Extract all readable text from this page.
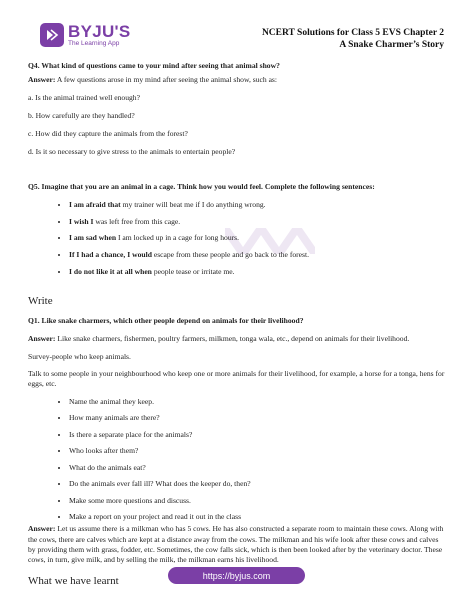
BYJU'S
The Learning App
NCERT Solutions for Class 5 EVS Chapter 2
A Snake Charmer’s Story
Q4. What kind of questions came to your mind after seeing that animal show?

Answer: A few questions arose in my mind after seeing the animal show, such as:

a. Is the animal trained well enough?
b. How carefully are they handled?
c. How did they capture the animals from the forest?
d. Is it so necessary to give stress to the animals to entertain people?
Q5. Imagine that you are an animal in a cage. Think how you would feel. Complete the following sentences:
• I am afraid that my trainer will beat me if I do anything wrong.
• I wish I was left free from this cage.
• I am sad when I am locked up in a cage for long hours.
• If I had a chance, I would escape from these people and go back to the forest.
• I do not like it at all when people tease or irritate me.
Write
Q1. Like snake charmers, which other people depend on animals for their livelihood?

Answer: Like snake charmers, fishermen, poultry farmers, milkmen, tonga wala, etc., depend on animals for their livelihood.

Survey-people who keep animals.

Talk to some people in your neighbourhood who keep one or more animals for their livelihood, for example, a horse for a tonga, hens for eggs, etc.

• Name the animal they keep.
• How many animals are there?
• Is there a separate place for the animals?
• Who looks after them?
• What do the animals eat?
• Do the animals ever fall ill? What does the keeper do, then?
• Make some more questions and discuss.
• Make a report on your project and read it out in the class

Answer: Let us assume there is a milkman who has 5 cows. He has also constructed a separate room to maintain these cows. Along with the cows, there are calves which are kept at a distance away from the cows. The milkman and his wife look after these cows and calves by providing them with grass, fodder, etc. Sometimes, the cow falls sick, which is then been looked after by the veterinary doctor. These cows, in turn, give milk, and by selling the milk, the milkman earns his livelihood.

What we have learnt	https://byjus.com
